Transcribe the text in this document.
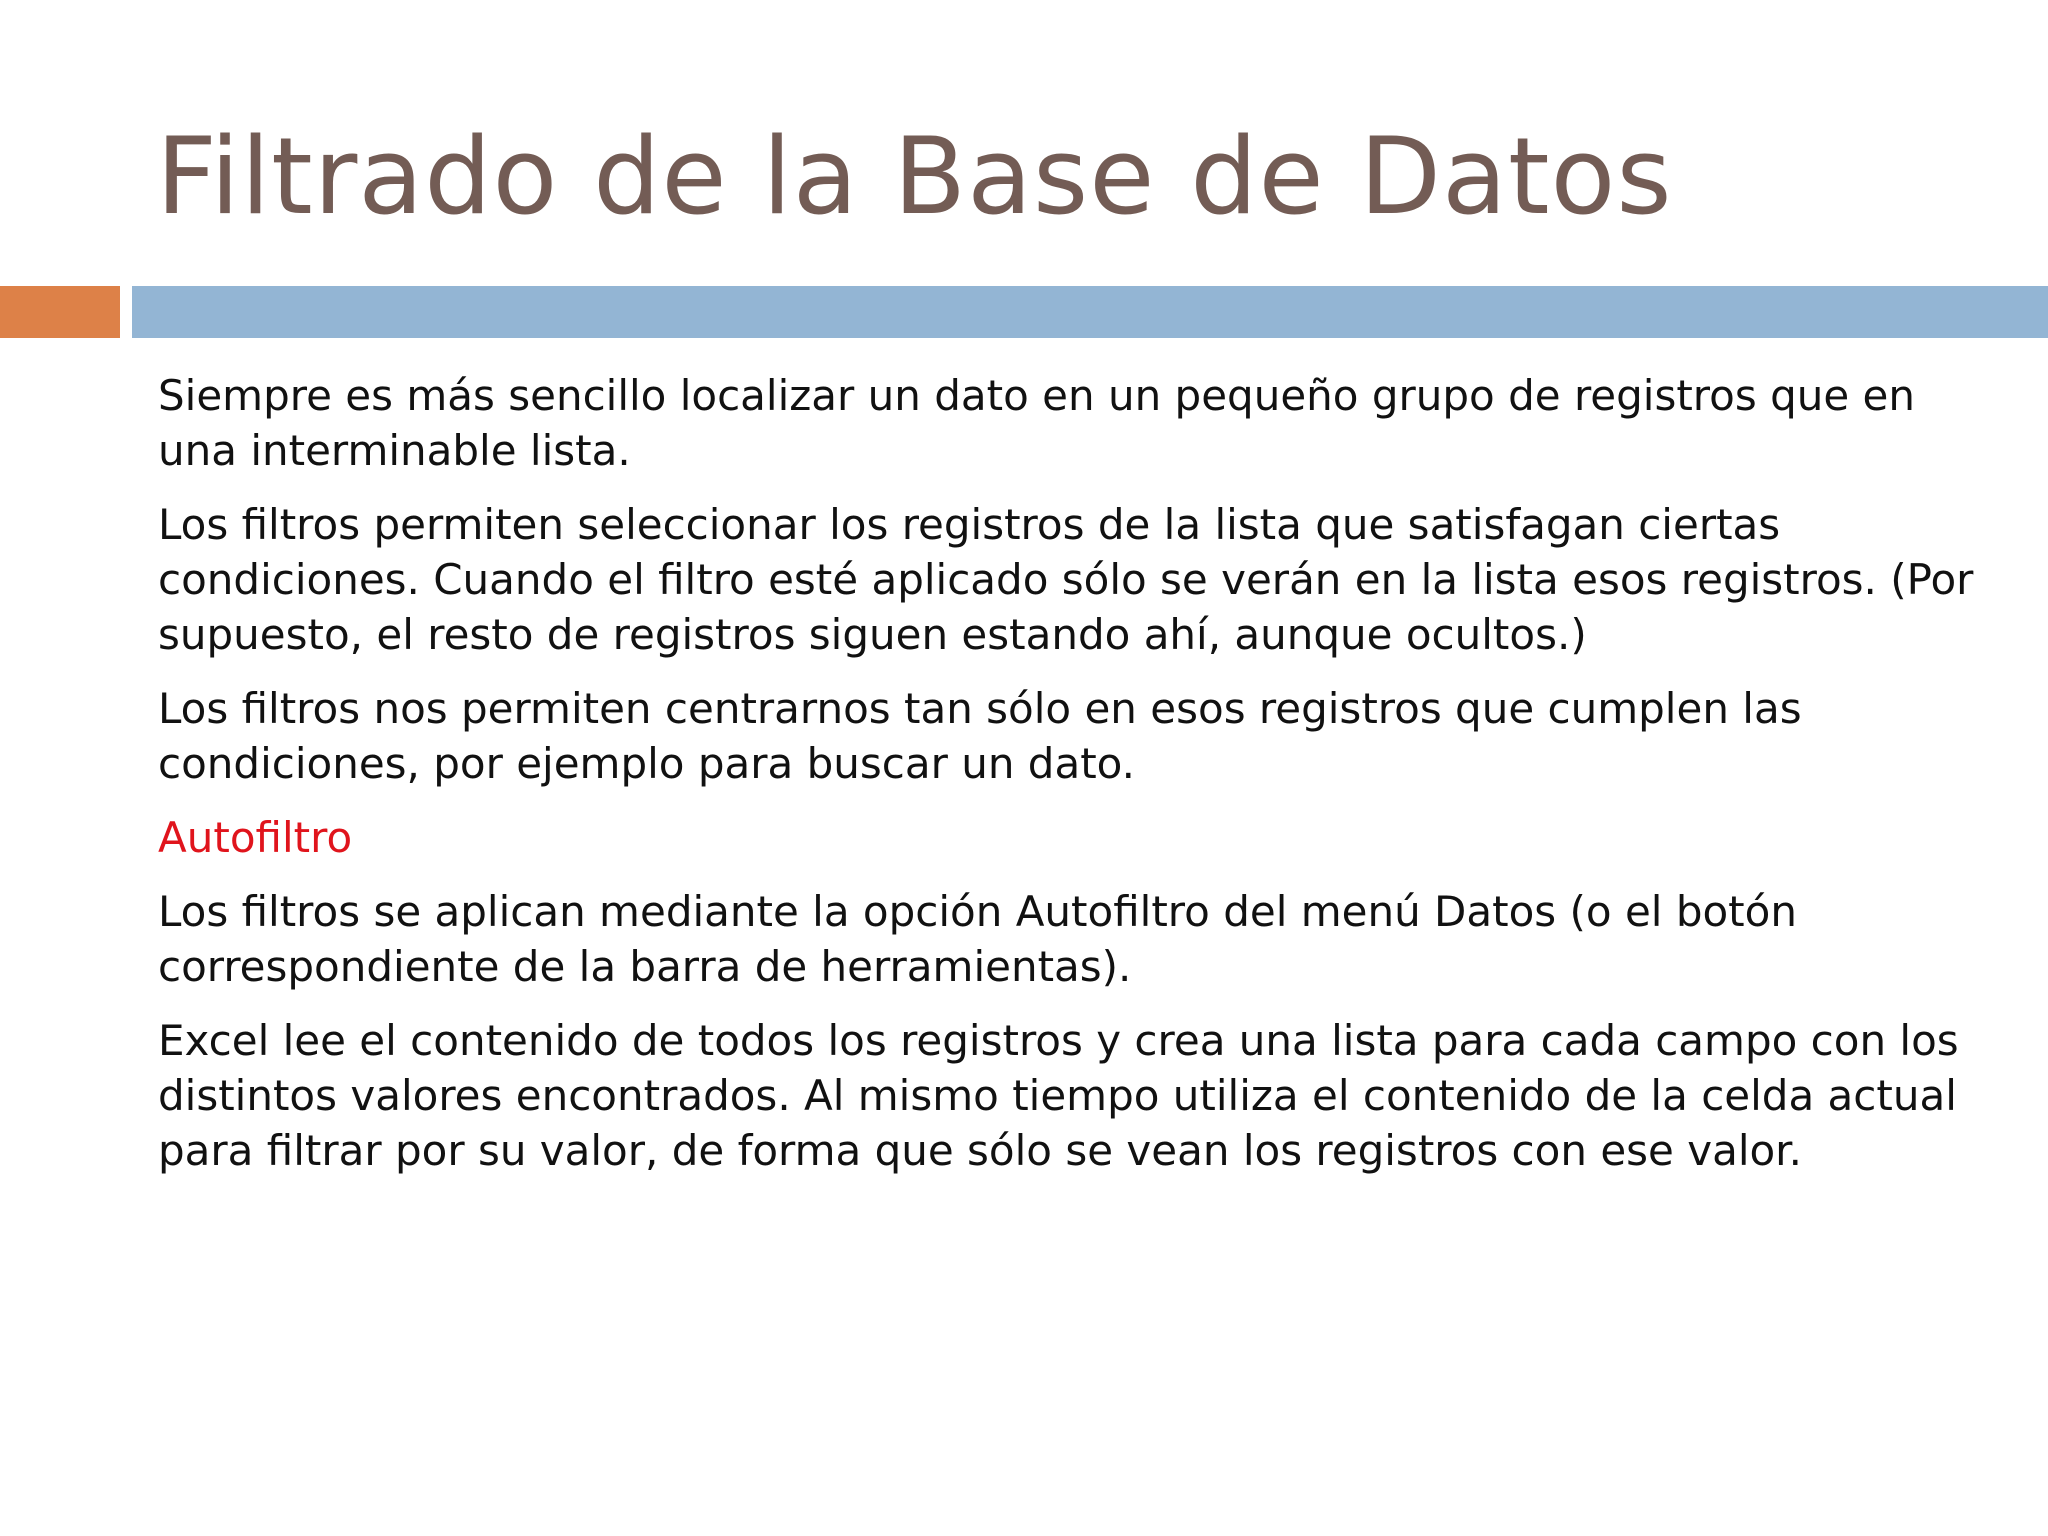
Filtrado de la Base de Datos

Siempre es más sencillo localizar un dato en un pequeño grupo de registros que en una interminable lista.

Los filtros permiten seleccionar los registros de la lista que satisfagan ciertas condiciones. Cuando el filtro esté aplicado sólo se verán en la lista esos registros. (Por supuesto, el resto de registros siguen estando ahí, aunque ocultos.)

Los filtros nos permiten centrarnos tan sólo en esos registros que cumplen las condiciones, por ejemplo para buscar un dato.

Autofiltro

Los filtros se aplican mediante la opción Autofiltro del menú Datos (o el botón correspondiente de la barra de herramientas).

Excel lee el contenido de todos los registros y crea una lista para cada campo con los distintos valores encontrados. Al mismo tiempo utiliza el contenido de la celda actual para filtrar por su valor, de forma que sólo se vean los registros con ese valor.
